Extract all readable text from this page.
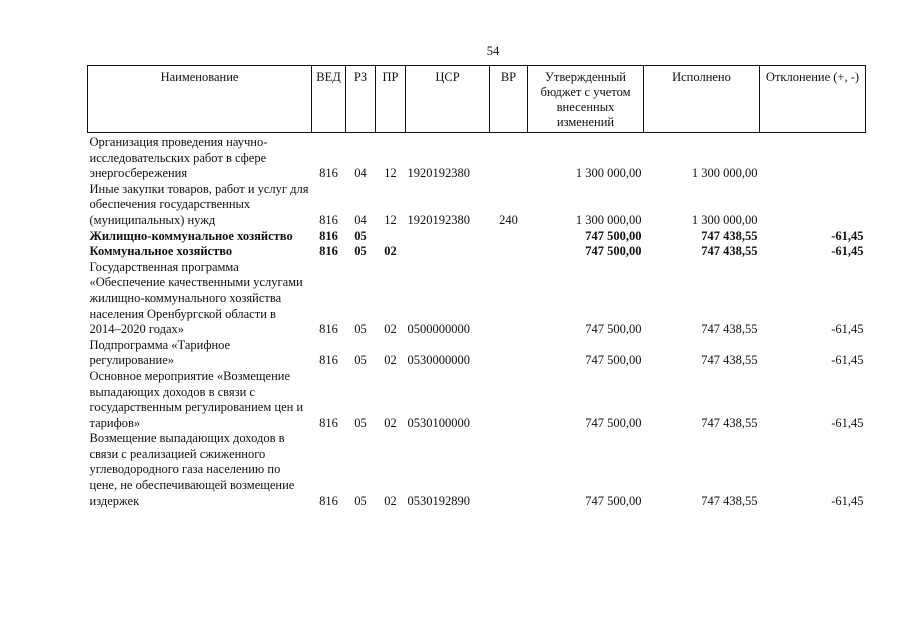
54
Наименование	ВЕД	РЗ	ПР	ЦСР	ВР	Утвержденный бюджет с учетом внесенных изменений	Исполнено	Отклонение (+, -)
Организация проведения научно-исследовательских работ в сфере энергосбережения	816	04	12	1920192380		1 300 000,00	1 300 000,00	
Иные закупки товаров, работ и услуг для обеспечения государственных (муниципальных) нужд	816	04	12	1920192380	240	1 300 000,00	1 300 000,00	
Жилищно-коммунальное хозяйство	816	05				747 500,00	747 438,55	-61,45
Коммунальное хозяйство	816	05	02			747 500,00	747 438,55	-61,45
Государственная программа «Обеспечение качественными услугами жилищно-коммунального хозяйства населения Оренбургской области в 2014–2020 годах»	816	05	02	0500000000		747 500,00	747 438,55	-61,45
Подпрограмма «Тарифное регулирование»	816	05	02	0530000000		747 500,00	747 438,55	-61,45
Основное мероприятие «Возмещение выпадающих доходов в связи с государственным регулированием цен и тарифов»	816	05	02	0530100000		747 500,00	747 438,55	-61,45
Возмещение выпадающих доходов в связи с реализацией сжиженного углеводородного газа населению по цене, не обеспечивающей возмещение издержек	816	05	02	0530192890		747 500,00	747 438,55	-61,45
